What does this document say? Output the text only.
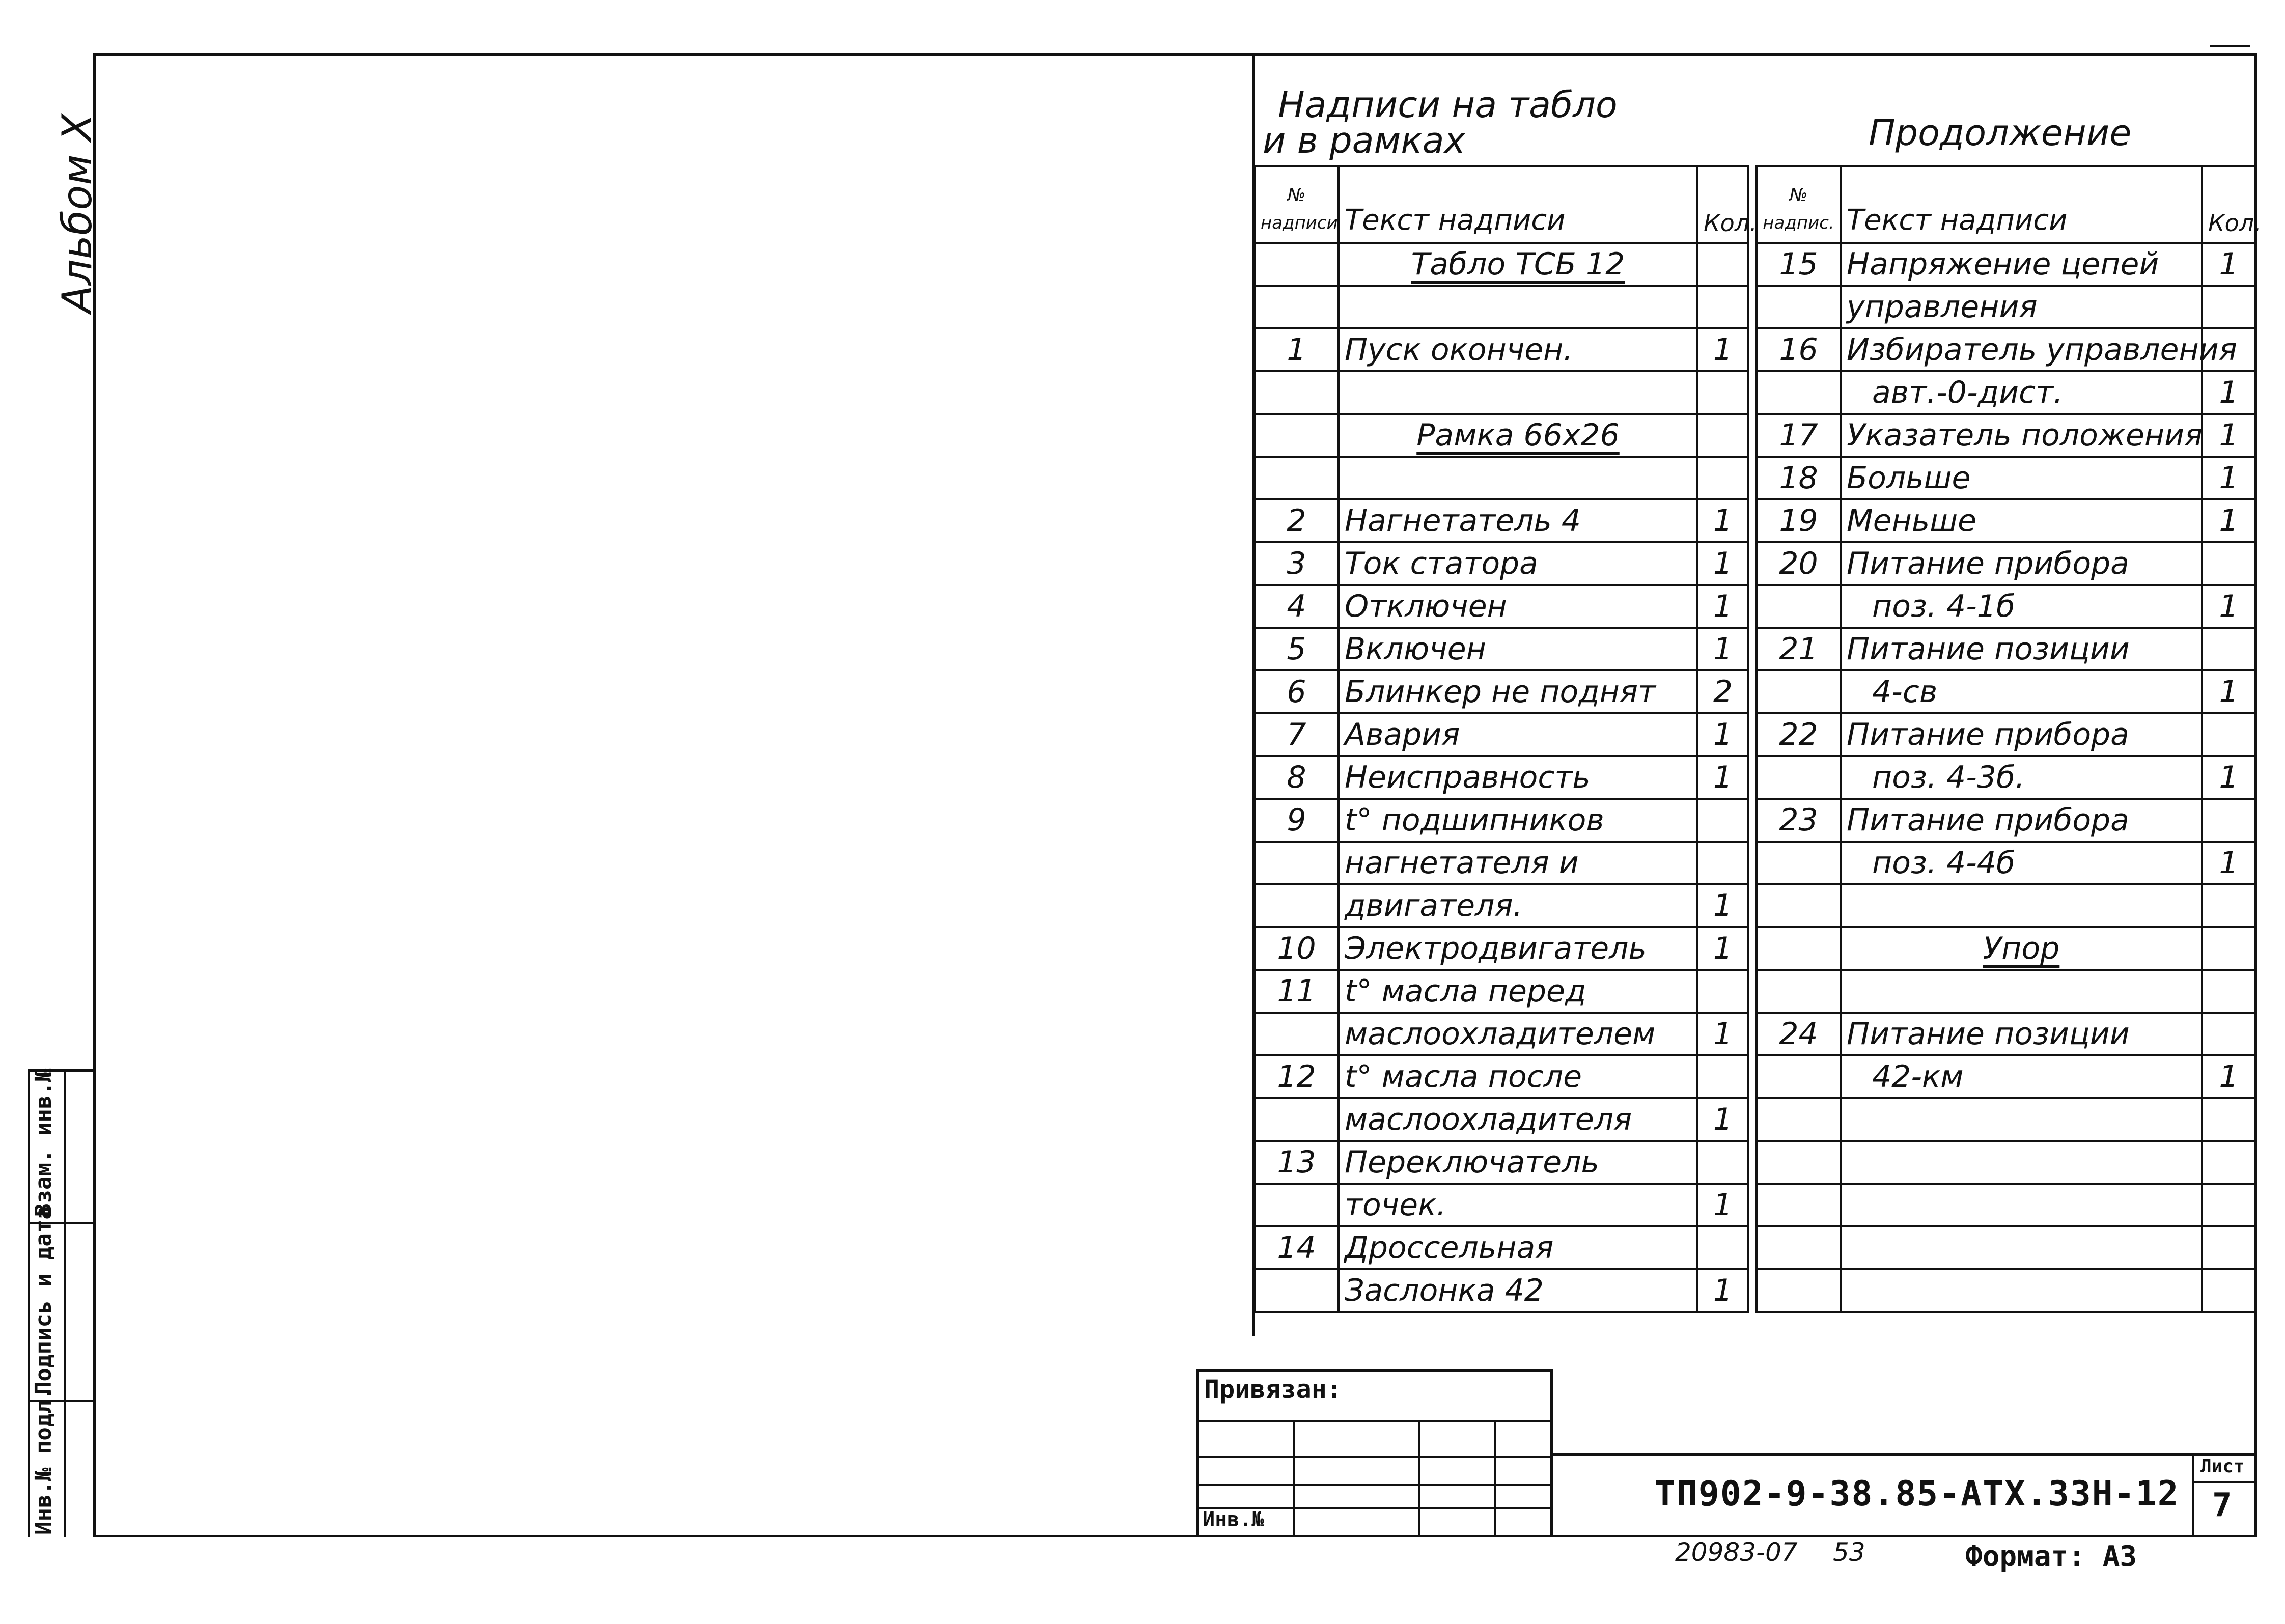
Взам. инв.№
Подпись и дата
Инв.№ подл.
Альбом X
Надписи на табло
и в рамках	Продолжение
№ надписи	Текст надписи	Кол.
	Табло ТСБ 12	

1	Пуск окончен.	1

	Рамка 66х26	

2	Нагнетатель 4	1
3	Ток статора	1
4	Отключен	1
5	Включен	1
6	Блинкер не поднят	2
7	Авария	1
8	Неисправность	1
9	t° подшипников	
	нагнетателя и	
	двигателя.	1
10	Электродвигатель	1
11	t° масла перед	
	маслоохладителем	1
12	t° масла после	
	маслоохладителя	1
13	Переключатель	
	точек.	1
14	Дроссельная	
	Заслонка 42	1
№ надпис.	Текст надписи	Кол.
15	Напряжение цепей	1
	управления	
16	Избиратель управления	
	авт.-0-дист.	1
17	Указатель положения	1
18	Больше	1
19	Меньше	1
20	Питание прибора	
	поз. 4-1б	1
21	Питание позиции	
	4-св	1
22	Питание прибора	
	поз. 4-3б.	1
23	Питание прибора	
	поз. 4-4б	1

	Упор	

24	Питание позиции	
	42-км	1

Привязан:
Инв.№
ТП902-9-38.85-АТХ.33Н-12
Лист
7
20983-07 53	Формат: А3
